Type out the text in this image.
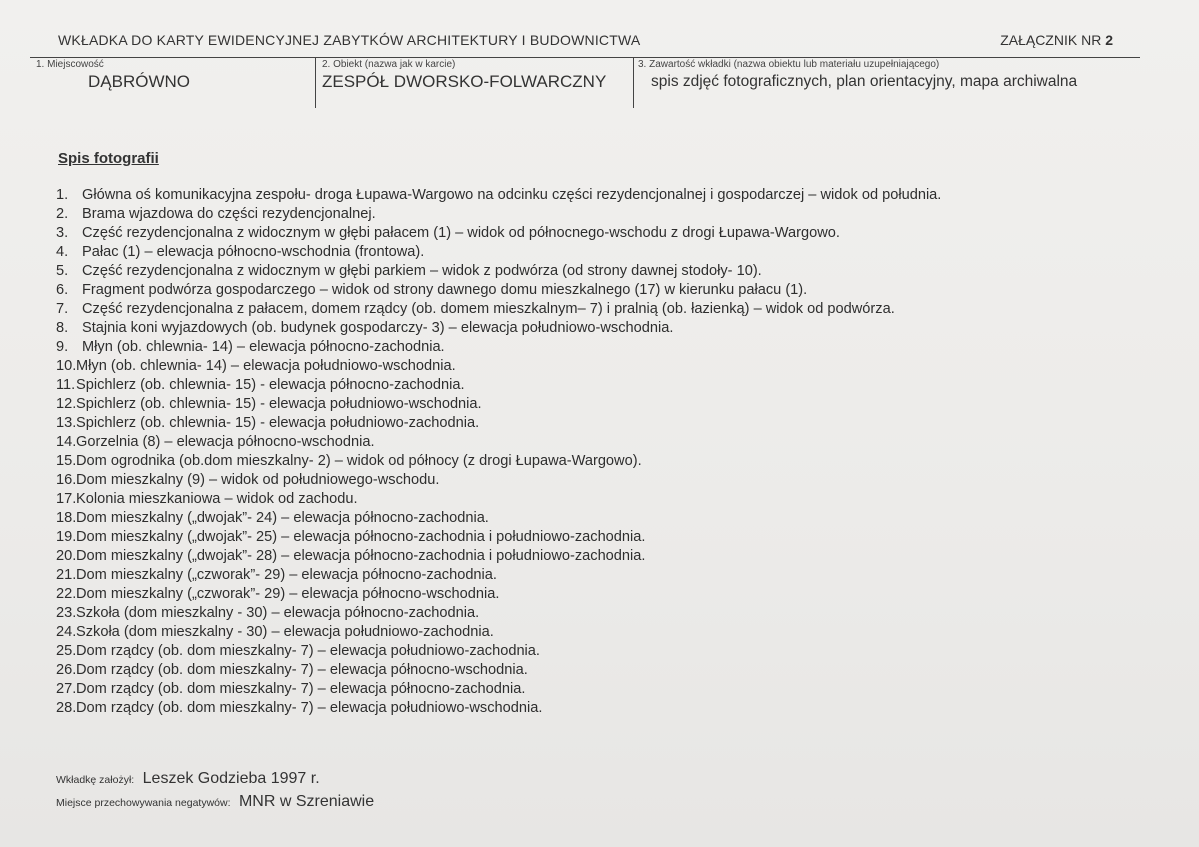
WKŁADKA DO KARTY EWIDENCYJNEJ ZABYTKÓW ARCHITEKTURY I BUDOWNICTWA	ZAŁĄCZNIK NR 2
1. Miejscowość
DĄBRÓWNO
2. Obiekt (nazwa jak w karcie)
ZESPÓŁ DWORSKO-FOLWARCZNY
3. Zawartość wkładki (nazwa obiektu lub materiału uzupełniającego)
spis zdjęć fotograficznych, plan orientacyjny, mapa archiwalna
Spis fotografii
1. Główna oś komunikacyjna zespołu- droga Łupawa-Wargowo na odcinku części rezydencjonalnej i gospodarczej – widok od południa.
2. Brama wjazdowa do części rezydencjonalnej.
3. Część rezydencjonalna z widocznym w głębi pałacem (1) – widok od północnego-wschodu z drogi Łupawa-Wargowo.
4. Pałac (1) – elewacja północno-wschodnia (frontowa).
5. Część rezydencjonalna z widocznym w głębi parkiem – widok z podwórza (od strony dawnej stodoły- 10).
6. Fragment podwórza gospodarczego – widok od strony dawnego domu mieszkalnego (17) w kierunku pałacu (1).
7. Część rezydencjonalna z pałacem, domem rządcy (ob. domem mieszkalnym– 7) i pralnią (ob. łazienką) – widok od podwórza.
8. Stajnia koni wyjazdowych (ob. budynek gospodarczy- 3) – elewacja południowo-wschodnia.
9. Młyn (ob. chlewnia- 14) – elewacja północno-zachodnia.
10.Młyn (ob. chlewnia- 14) – elewacja południowo-wschodnia.
11.Spichlerz (ob. chlewnia- 15) - elewacja północno-zachodnia.
12.Spichlerz (ob. chlewnia- 15) - elewacja południowo-wschodnia.
13.Spichlerz (ob. chlewnia- 15) - elewacja południowo-zachodnia.
14.Gorzelnia (8) – elewacja północno-wschodnia.
15.Dom ogrodnika (ob.dom mieszkalny- 2) – widok od północy (z drogi Łupawa-Wargowo).
16.Dom mieszkalny (9) – widok od południowego-wschodu.
17.Kolonia mieszkaniowa – widok od zachodu.
18.Dom mieszkalny („dwojak”- 24) – elewacja północno-zachodnia.
19.Dom mieszkalny („dwojak”- 25) – elewacja północno-zachodnia i południowo-zachodnia.
20.Dom mieszkalny („dwojak”- 28) – elewacja północno-zachodnia i południowo-zachodnia.
21.Dom mieszkalny („czworak”- 29) – elewacja północno-zachodnia.
22.Dom mieszkalny („czworak”- 29) – elewacja północno-wschodnia.
23.Szkoła (dom mieszkalny - 30) – elewacja północno-zachodnia.
24.Szkoła (dom mieszkalny - 30) – elewacja południowo-zachodnia.
25.Dom rządcy (ob. dom mieszkalny- 7) – elewacja południowo-zachodnia.
26.Dom rządcy (ob. dom mieszkalny- 7) – elewacja północno-wschodnia.
27.Dom rządcy (ob. dom mieszkalny- 7) – elewacja północno-zachodnia.
28.Dom rządcy (ob. dom mieszkalny- 7) – elewacja południowo-wschodnia.
Wkładkę założył: Leszek Godzieba 1997 r.
Miejsce przechowywania negatywów: MNR w Szreniawie
